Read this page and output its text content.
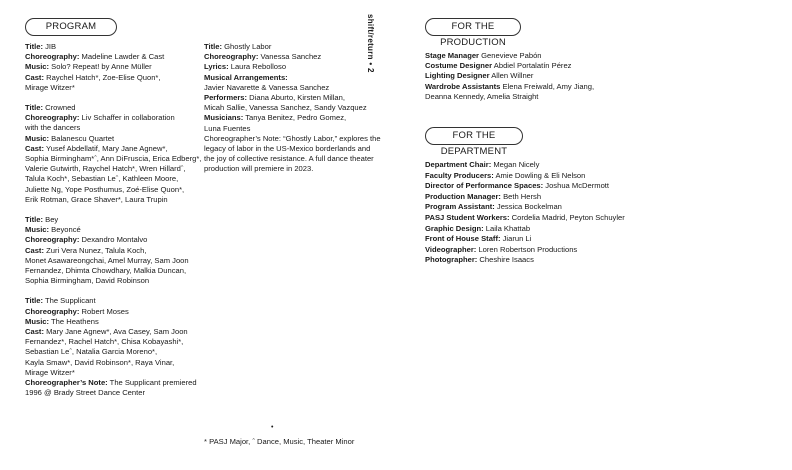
PROGRAM
Title: JIB
Choreography: Madeline Lawder & Cast
Music: Solo? Repeat! by Anne Müller
Cast: Raychel Hatch*, Zoe-Elise Quon*,
Mirage Witzer*
Title: Crowned
Choreography: Liv Schaffer in collaboration
with the dancers
Music: Balanescu Quartet
Cast: Yusef Abdellatif, Mary Jane Agnew*,
Sophia Birmingham*ˆ, Ann DiFruscia, Erica Edberg*,
Valerie Gutwirth, Raychel Hatch*, Wren Hillardˆ,
Talula Koch*, Sebastian Leˆ, Kathleen Moore,
Juliette Ng, Yope Posthumus, Zoé-Elise Quon*,
Erik Rotman, Grace Shaver*, Laura Trupin
Title: Bey
Music: Beyoncé
Choreography: Dexandro Montalvo
Cast: Zuri Vera Nunez, Talula Koch,
Monet Asawareongchai, Amel Murray, Sam Joon
Fernandez, Dhimta Chowdhary, Malkia Duncan,
Sophia Birmingham, David Robinson
Title: The Supplicant
Choreography: Robert Moses
Music: The Heathens
Cast: Mary Jane Agnew*, Ava Casey, Sam Joon
Fernandez*, Rachel Hatch*, Chisa Kobayashi*,
Sebastian Leˆ, Natalia Garcia Moreno*,
Kayla Smaw*, David Robinson*, Raya Vinar,
Mirage Witzer*
Choreographer’s Note: The Supplicant premiered
1996 @ Brady Street Dance Center
Title: Ghostly Labor
Choreography: Vanessa Sanchez
Lyrics: Laura Rebolloso
Musical Arrangements:
Javier Navarette & Vanessa Sanchez
Performers: Diana Aburto, Kirsten Millan,
Micah Sallie, Vanessa Sanchez, Sandy Vazquez
Musicians: Tanya Benitez, Pedro Gomez,
Luna Fuentes
Choreographer’s Note: “Ghostly Labor,” explores the
legacy of labor in the US-Mexico borderlands and
the joy of collective resistance. A full dance theater
production will premiere in 2023.
shift/return • 2
•
* PASJ Major, ˆ Dance, Music, Theater Minor
FOR THE PRODUCTION
Stage Manager Genevieve Pabón
Costume Designer Abdiel Portalatín Pérez
Lighting Designer Allen Willner
Wardrobe Assistants Elena Freiwald, Amy Jiang,
Deanna Kennedy, Amelia Straight
FOR THE DEPARTMENT
Department Chair: Megan Nicely
Faculty Producers: Amie Dowling & Eli Nelson
Director of Performance Spaces: Joshua McDermott
Production Manager: Beth Hersh
Program Assistant: Jessica Bockelman
PASJ Student Workers: Cordelia Madrid, Peyton Schuyler
Graphic Design: Laila Khattab
Front of House Staff: Jiarun Li
Videographer: Loren Robertson Productions
Photographer: Cheshire Isaacs
